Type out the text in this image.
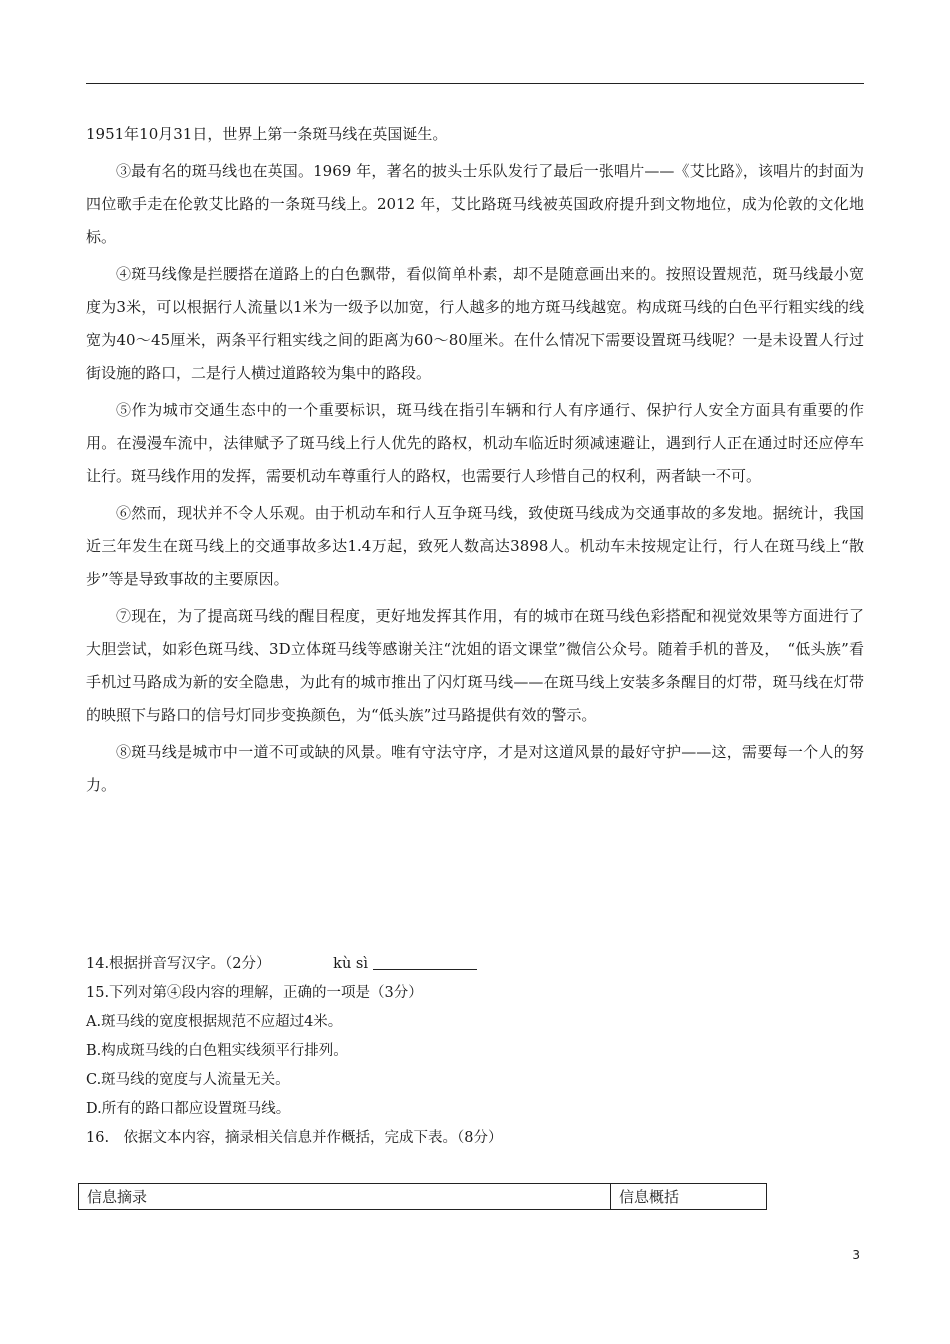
1951年10月31日，世界上第一条斑马线在英国诞生。

③最有名的斑马线也在英国。1969 年，著名的披头士乐队发行了最后一张唱片——《艾比路》，该唱片的封面为四位歌手走在伦敦艾比路的一条斑马线上。2012 年，艾比路斑马线被英国政府提升到文物地位，成为伦敦的文化地标。

④斑马线像是拦腰搭在道路上的白色飘带，看似简单朴素，却不是随意画出来的。按照设置规范，斑马线最小宽度为3米，可以根据行人流量以1米为一级予以加宽，行人越多的地方斑马线越宽。构成斑马线的白色平行粗实线的线宽为40～45厘米，两条平行粗实线之间的距离为60～80厘米。在什么情况下需要设置斑马线呢？一是未设置人行过街设施的路口，二是行人横过道路较为集中的路段。

⑤作为城市交通生态中的一个重要标识，斑马线在指引车辆和行人有序通行、保护行人安全方面具有重要的作用。在漫漫车流中，法律赋予了斑马线上行人优先的路权，机动车临近时须减速避让，遇到行人正在通过时还应停车让行。斑马线作用的发挥，需要机动车尊重行人的路权，也需要行人珍惜自己的权利，两者缺一不可。

⑥然而，现状并不令人乐观。由于机动车和行人互争斑马线，致使斑马线成为交通事故的多发地。据统计，我国近三年发生在斑马线上的交通事故多达1.4万起，致死人数高达3898人。机动车未按规定让行，行人在斑马线上“散步”等是导致事故的主要原因。

⑦现在，为了提高斑马线的醒目程度，更好地发挥其作用，有的城市在斑马线色彩搭配和视觉效果等方面进行了大胆尝试，如彩色斑马线、3D立体斑马线等感谢关注“沈姐的语文课堂”微信公众号。随着手机的普及，　“低头族”看手机过马路成为新的安全隐患，为此有的城市推出了闪灯斑马线——在斑马线上安装多条醒目的灯带，斑马线在灯带的映照下与路口的信号灯同步变换颜色，为“低头族”过马路提供有效的警示。

⑧斑马线是城市中一道不可或缺的风景。唯有守法守序，才是对这道风景的最好守护——这，需要每一个人的努力。

14.根据拼音写汉字。（2分）	kù sì

15.下列对第④段内容的理解，正确的一项是（3分）

A.斑马线的宽度根据规范不应超过4米。

B.构成斑马线的白色粗实线须平行排列。

C.斑马线的宽度与人流量无关。

D.所有的路口都应设置斑马线。

16.　依据文本内容，摘录相关信息并作概括，完成下表。（8分）

信息摘录	信息概括
3
